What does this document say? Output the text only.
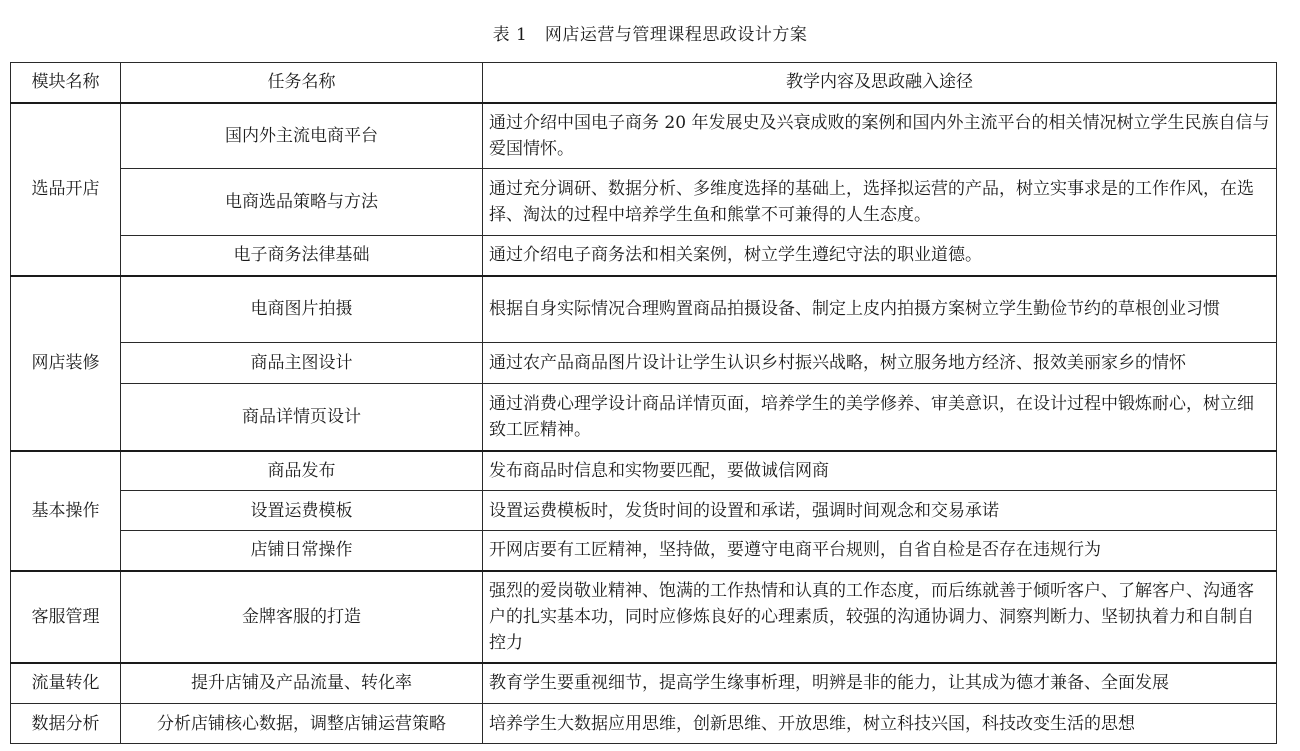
表 1　网店运营与管理课程思政设计方案
模块名称	任务名称	教学内容及思政融入途径
选品开店	国内外主流电商平台	通过介绍中国电子商务 20 年发展史及兴衰成败的案例和国内外主流平台的相关情况树立学生民族自信与爱国情怀。
	电商选品策略与方法	通过充分调研、数据分析、多维度选择的基础上，选择拟运营的产品，树立实事求是的工作作风，在选择、淘汰的过程中培养学生鱼和熊掌不可兼得的人生态度。
	电子商务法律基础	通过介绍电子商务法和相关案例，树立学生遵纪守法的职业道德。
网店装修	电商图片拍摄	根据自身实际情况合理购置商品拍摄设备、制定上皮内拍摄方案树立学生勤俭节约的草根创业习惯
	商品主图设计	通过农产品商品图片设计让学生认识乡村振兴战略，树立服务地方经济、报效美丽家乡的情怀
	商品详情页设计	通过消费心理学设计商品详情页面，培养学生的美学修养、审美意识，在设计过程中锻炼耐心，树立细致工匠精神。
基本操作	商品发布	发布商品时信息和实物要匹配，要做诚信网商
	设置运费模板	设置运费模板时，发货时间的设置和承诺，强调时间观念和交易承诺
	店铺日常操作	开网店要有工匠精神，坚持做，要遵守电商平台规则，自省自检是否存在违规行为
客服管理	金牌客服的打造	强烈的爱岗敬业精神、饱满的工作热情和认真的工作态度，而后练就善于倾听客户、了解客户、沟通客户的扎实基本功，同时应修炼良好的心理素质，较强的沟通协调力、洞察判断力、坚韧执着力和自制自控力
流量转化	提升店铺及产品流量、转化率	教育学生要重视细节，提高学生缘事析理，明辨是非的能力，让其成为德才兼备、全面发展
数据分析	分析店铺核心数据，调整店铺运营策略	培养学生大数据应用思维，创新思维、开放思维，树立科技兴国，科技改变生活的思想
